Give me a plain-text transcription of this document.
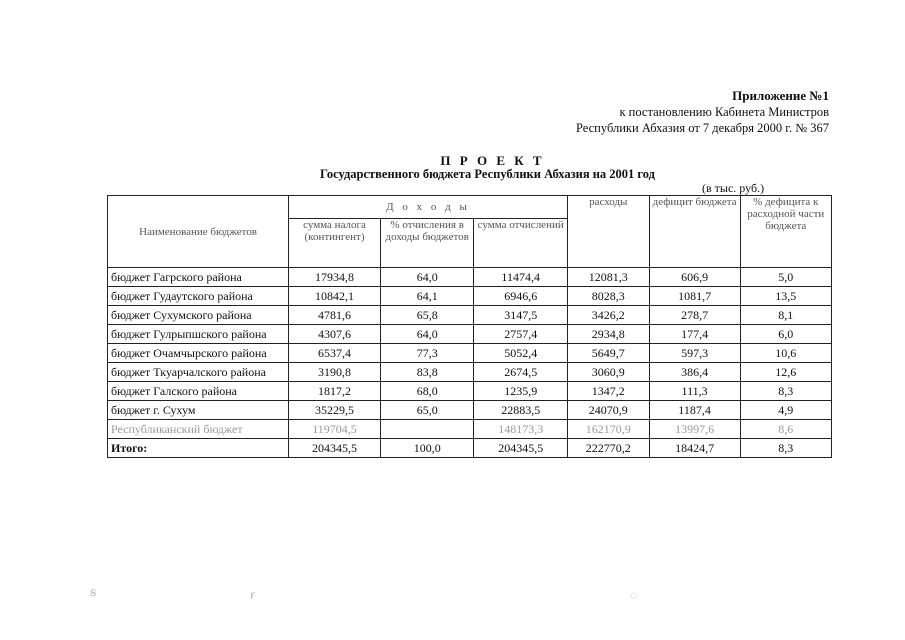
Приложение №1
к постановлению Кабинета Министров
Республики Абхазия от 7 декабря 2000 г. № 367
П Р О Е К Т
Государственного бюджета Республики Абхазия на 2001 год
(в тыс. руб.)
Наименование бюджетов	Д о х о д ы			расходы	дефицит бюджета	% дефицита к расходной части бюджета
	сумма налога (контингент)	% отчисления в доходы бюджетов	сумма отчислений			
бюджет Гагрского района	17934,8	64,0	11474,4	12081,3	606,9	5,0
бюджет Гудаутского района	10842,1	64,1	6946,6	8028,3	1081,7	13,5
бюджет Сухумского района	4781,6	65,8	3147,5	3426,2	278,7	8,1
бюджет Гулрыпшского района	4307,6	64,0	2757,4	2934,8	177,4	6,0
бюджет Очамчырского района	6537,4	77,3	5052,4	5649,7	597,3	10,6
бюджет Ткуарчалского района	3190,8	83,8	2674,5	3060,9	386,4	12,6
бюджет Галского района	1817,2	68,0	1235,9	1347,2	111,3	8,3
бюджет г. Сухум	35229,5	65,0	22883,5	24070,9	1187,4	4,9
Республиканский бюджет	119704,5		148173,3	162170,9	13997,6	8,6
Итого:	204345,5	100,0	204345,5	222770,2	18424,7	8,3
ꞩ	ꞧ	◌
